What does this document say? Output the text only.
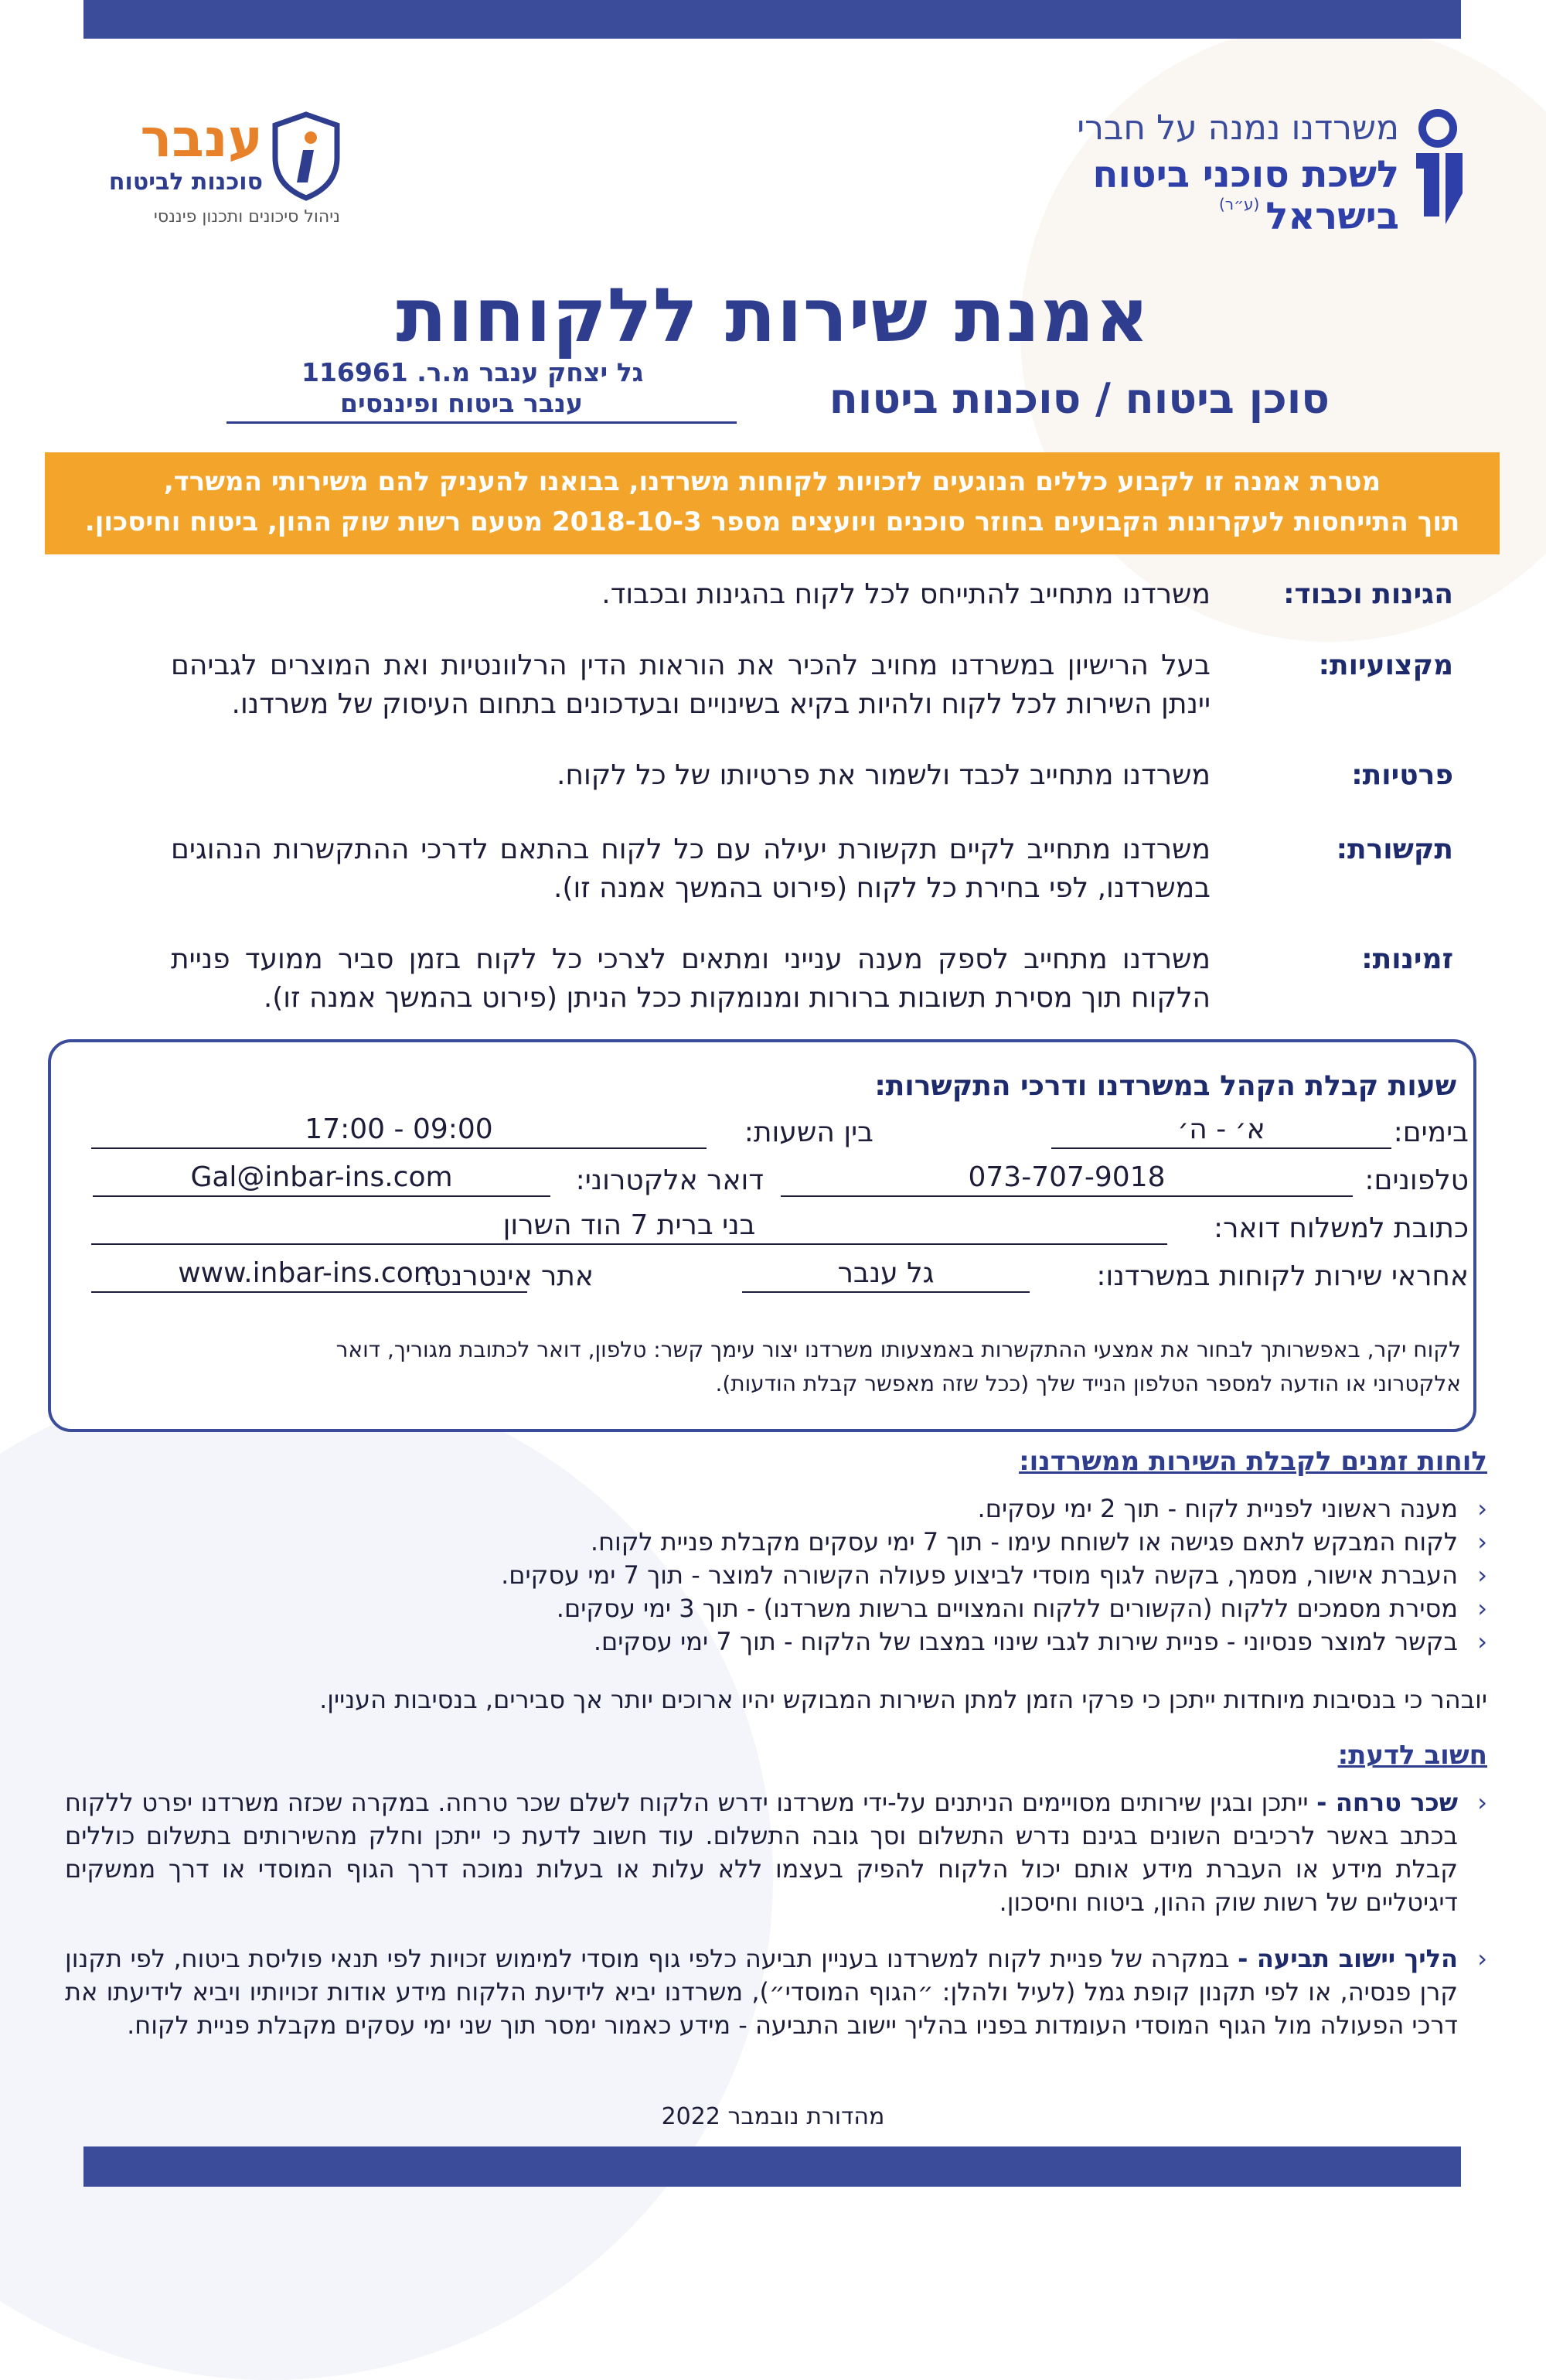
משרדנו נמנה על חברי
לשכת סוכני ביטוח
בישראל$^{(ע״ר)}$
ענבר
סוכנות לביטוח
ניהול סיכונים ותכנון פיננסי
אמנת שירות ללקוחות
סוכן ביטוח / סוכנות ביטוח
גל יצחק ענבר מ.ר. 116961
ענבר ביטוח ופיננסים

מטרת אמנה זו לקבוע כללים הנוגעים לזכויות לקוחות משרדנו, בבואנו להעניק להם משירותי המשרד,

תוך התייחסות לעקרונות הקבועים בחוזר סוכנים ויועצים מספר 2018-10-3 מטעם רשות שוק ההון, ביטוח וחיסכון.

הגינות וכבוד:
משרדנו מתחייב להתייחס לכל לקוח בהגינות ובכבוד.
מקצועיות:
בעל הרישיון במשרדנו מחויב להכיר את הוראות הדין הרלוונטיות ואת המוצרים לגביהם יינתן השירות לכל לקוח ולהיות בקיא בשינויים ובעדכונים בתחום העיסוק של משרדנו.
פרטיות:
משרדנו מתחייב לכבד ולשמור את פרטיותו של כל לקוח.
תקשורת:
משרדנו מתחייב לקיים תקשורת יעילה עם כל לקוח בהתאם לדרכי ההתקשרות הנהוגים במשרדנו, לפי בחירת כל לקוח (פירוט בהמשך אמנה זו).
זמינות:
משרדנו מתחייב לספק מענה ענייני ומתאים לצרכי כל לקוח בזמן סביר ממועד פניית הלקוח תוך מסירת תשובות ברורות ומנומקות ככל הניתן (פירוט בהמשך אמנה זו).
שעות קבלת הקהל במשרדנו ודרכי התקשרות:
בימים:
א׳ - ה׳
בין השעות:
09:00 - 17:00
טלפונים:
073-707-9018
דואר אלקטרוני:
Gal@inbar-ins.com
כתובת למשלוח דואר:
בני ברית 7 הוד השרון
אחראי שירות לקוחות במשרדנו:
גל ענבר
אתר אינטרנט:
www.inbar-ins.com
לקוח יקר, באפשרותך לבחור את אמצעי ההתקשרות באמצעותו משרדנו יצור עימך קשר: טלפון, דואר לכתובת מגוריך, דואר
אלקטרוני או הודעה למספר הטלפון הנייד שלך (ככל שזה מאפשר קבלת הודעות).
לוחות זמנים לקבלת השירות ממשרדנו:
‹
מענה ראשוני לפניית לקוח - תוך 2 ימי עסקים.
‹
לקוח המבקש לתאם פגישה או לשוחח עימו - תוך 7 ימי עסקים מקבלת פניית לקוח.
‹
העברת אישור, מסמך, בקשה לגוף מוסדי לביצוע פעולה הקשורה למוצר - תוך 7 ימי עסקים.
‹
מסירת מסמכים ללקוח (הקשורים ללקוח והמצויים ברשות משרדנו) - תוך 3 ימי עסקים.
‹
בקשר למוצר פנסיוני - פניית שירות לגבי שינוי במצבו של הלקוח - תוך 7 ימי עסקים.
יובהר כי בנסיבות מיוחדות ייתכן כי פרקי הזמן למתן השירות המבוקש יהיו ארוכים יותר אך סבירים, בנסיבות העניין.
חשוב לדעת:
‹
שכר טרחה - ייתכן ובגין שירותים מסויימים הניתנים על-ידי משרדנו ידרש הלקוח לשלם שכר טרחה. במקרה שכזה משרדנו יפרט ללקוח בכתב באשר לרכיבים השונים בגינם נדרש התשלום וסך גובה התשלום. עוד חשוב לדעת כי ייתכן וחלק מהשירותים בתשלום כוללים קבלת מידע או העברת מידע אותם יכול הלקוח להפיק בעצמו ללא עלות או בעלות נמוכה דרך הגוף המוסדי או דרך ממשקים דיגיטליים של רשות שוק ההון, ביטוח וחיסכון.
‹
הליך יישוב תביעה - במקרה של פניית לקוח למשרדנו בעניין תביעה כלפי גוף מוסדי למימוש זכויות לפי תנאי פוליסת ביטוח, לפי תקנון קרן פנסיה, או לפי תקנון קופת גמל (לעיל ולהלן: ״הגוף המוסדי״), משרדנו יביא לידיעת הלקוח מידע אודות זכויותיו ויביא לידיעתו את דרכי הפעולה מול הגוף המוסדי העומדות בפניו בהליך יישוב התביעה - מידע כאמור ימסר תוך שני ימי עסקים מקבלת פניית לקוח.
מהדורת נובמבר 2022
